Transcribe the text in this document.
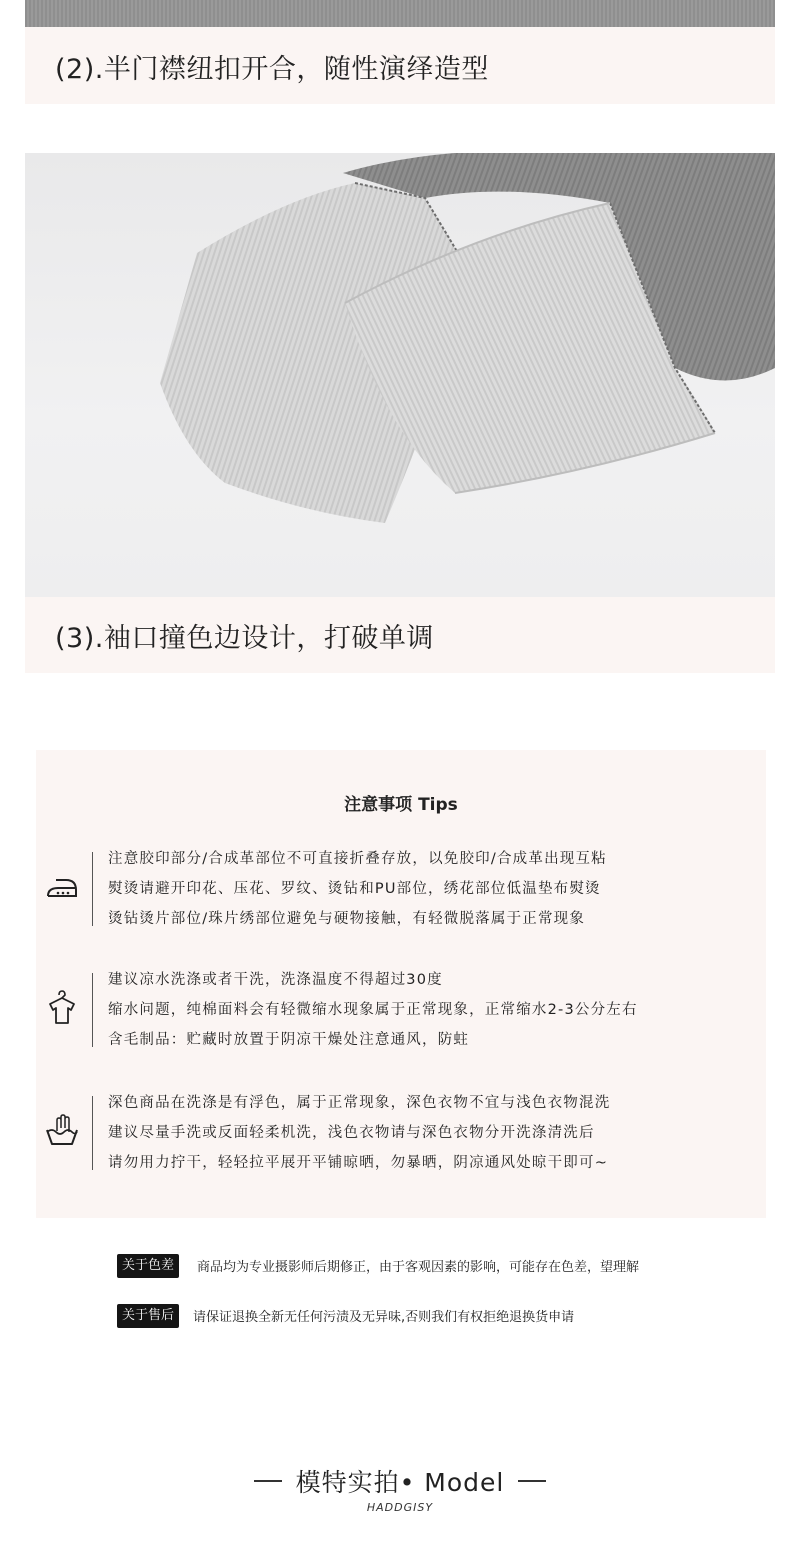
(2).半门襟纽扣开合，随性演绎造型
(3).袖口撞色边设计，打破单调
注意事项 Tips
注意胶印部分/合成革部位不可直接折叠存放，以免胶印/合成革出现互粘
熨烫请避开印花、压花、罗纹、烫钻和PU部位，绣花部位低温垫布熨烫
烫钻烫片部位/珠片绣部位避免与硬物接触，有轻微脱落属于正常现象
建议凉水洗涤或者干洗，洗涤温度不得超过30度
缩水问题，纯棉面料会有轻微缩水现象属于正常现象，正常缩水2-3公分左右
含毛制品：贮藏时放置于阴凉干燥处注意通风，防蛀
深色商品在洗涤是有浮色，属于正常现象，深色衣物不宜与浅色衣物混洗
建议尽量手洗或反面轻柔机洗，浅色衣物请与深色衣物分开洗涤清洗后
请勿用力拧干，轻轻拉平展开平铺晾晒，勿暴晒，阴凉通风处晾干即可~
关于色差	商品均为专业摄影师后期修正，由于客观因素的影响，可能存在色差，望理解
关于售后	请保证退换全新无任何污渍及无异味,否则我们有权拒绝退换货申请
模特实拍• Model
HADDGISY
